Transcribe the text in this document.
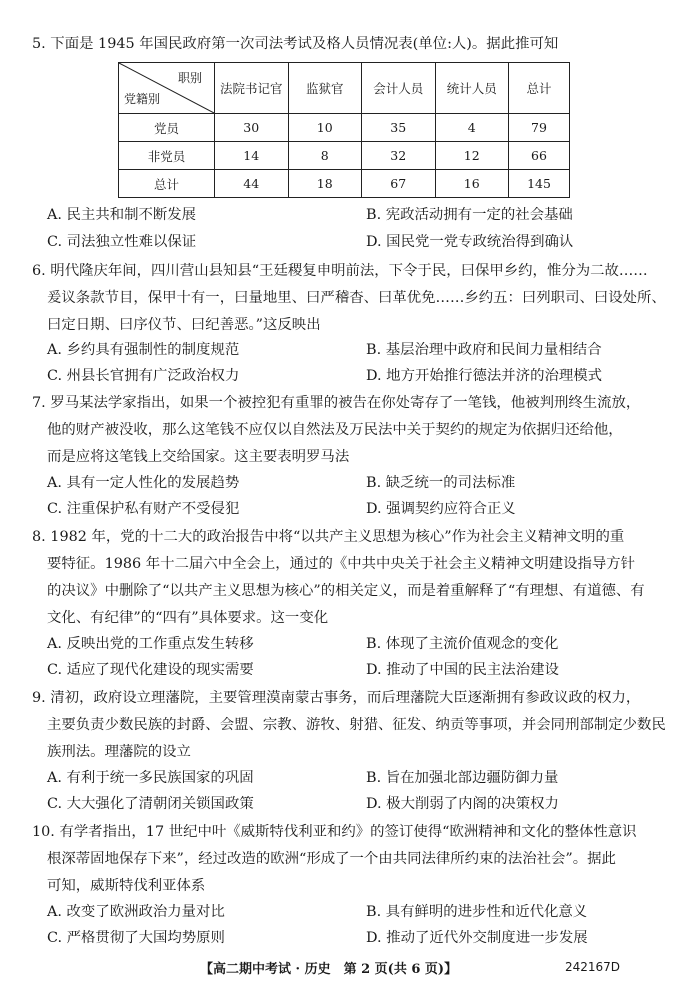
5. 下面是 1945 年国民政府第一次司法考试及格人员情况表(单位:人)。据此推可知
职别
党籍别	法院书记官	监狱官	会计人员	统计人员	总计
党员	30	10	35	4	79
非党员	14	8	32	12	66
总计	44	18	67	16	145
A. 民主共和制不断发展	B. 宪政活动拥有一定的社会基础
C. 司法独立性难以保证	D. 国民党一党专政统治得到确认
6. 明代隆庆年间，四川营山县知县“王廷稷复申明前法，下令于民，曰保甲乡约，惟分为二故……
爰议条款节目，保甲十有一，曰量地里、曰严稽杳、曰革优免……乡约五：曰列职司、曰设处所、
曰定日期、曰序仪节、曰纪善恶。”这反映出
A. 乡约具有强制性的制度规范	B. 基层治理中政府和民间力量相结合
C. 州县长官拥有广泛政治权力	D. 地方开始推行德法并济的治理模式
7. 罗马某法学家指出，如果一个被控犯有重罪的被告在你处寄存了一笔钱，他被判刑终生流放，
他的财产被没收，那么这笔钱不应仅以自然法及万民法中关于契约的规定为依据归还给他，
而是应将这笔钱上交给国家。这主要表明罗马法
A. 具有一定人性化的发展趋势	B. 缺乏统一的司法标准
C. 注重保护私有财产不受侵犯	D. 强调契约应符合正义
8. 1982 年，党的十二大的政治报告中将“以共产主义思想为核心”作为社会主义精神文明的重
要特征。1986 年十二届六中全会上，通过的《中共中央关于社会主义精神文明建设指导方针
的决议》中删除了“以共产主义思想为核心”的相关定义，而是着重解释了“有理想、有道德、有
文化、有纪律”的“四有”具体要求。这一变化
A. 反映出党的工作重点发生转移	B. 体现了主流价值观念的变化
C. 适应了现代化建设的现实需要	D. 推动了中国的民主法治建设
9. 清初，政府设立理藩院，主要管理漠南蒙古事务，而后理藩院大臣逐渐拥有参政议政的权力，
主要负责少数民族的封爵、会盟、宗教、游牧、射猎、征发、纳贡等事项，并会同刑部制定少数民
族刑法。理藩院的设立
A. 有利于统一多民族国家的巩固	B. 旨在加强北部边疆防御力量
C. 大大强化了清朝闭关锁国政策	D. 极大削弱了内阁的决策权力
10. 有学者指出，17 世纪中叶《威斯特伐利亚和约》的签订使得“欧洲精神和文化的整体性意识
根深蒂固地保存下来”，经过改造的欧洲“形成了一个由共同法律所约束的法治社会”。据此
可知，威斯特伐利亚体系
A. 改变了欧洲政治力量对比	B. 具有鲜明的进步性和近代化意义
C. 严格贯彻了大国均势原则	D. 推动了近代外交制度进一步发展
【高二期中考试 · 历史　第 2 页(共 6 页)】	242167D
